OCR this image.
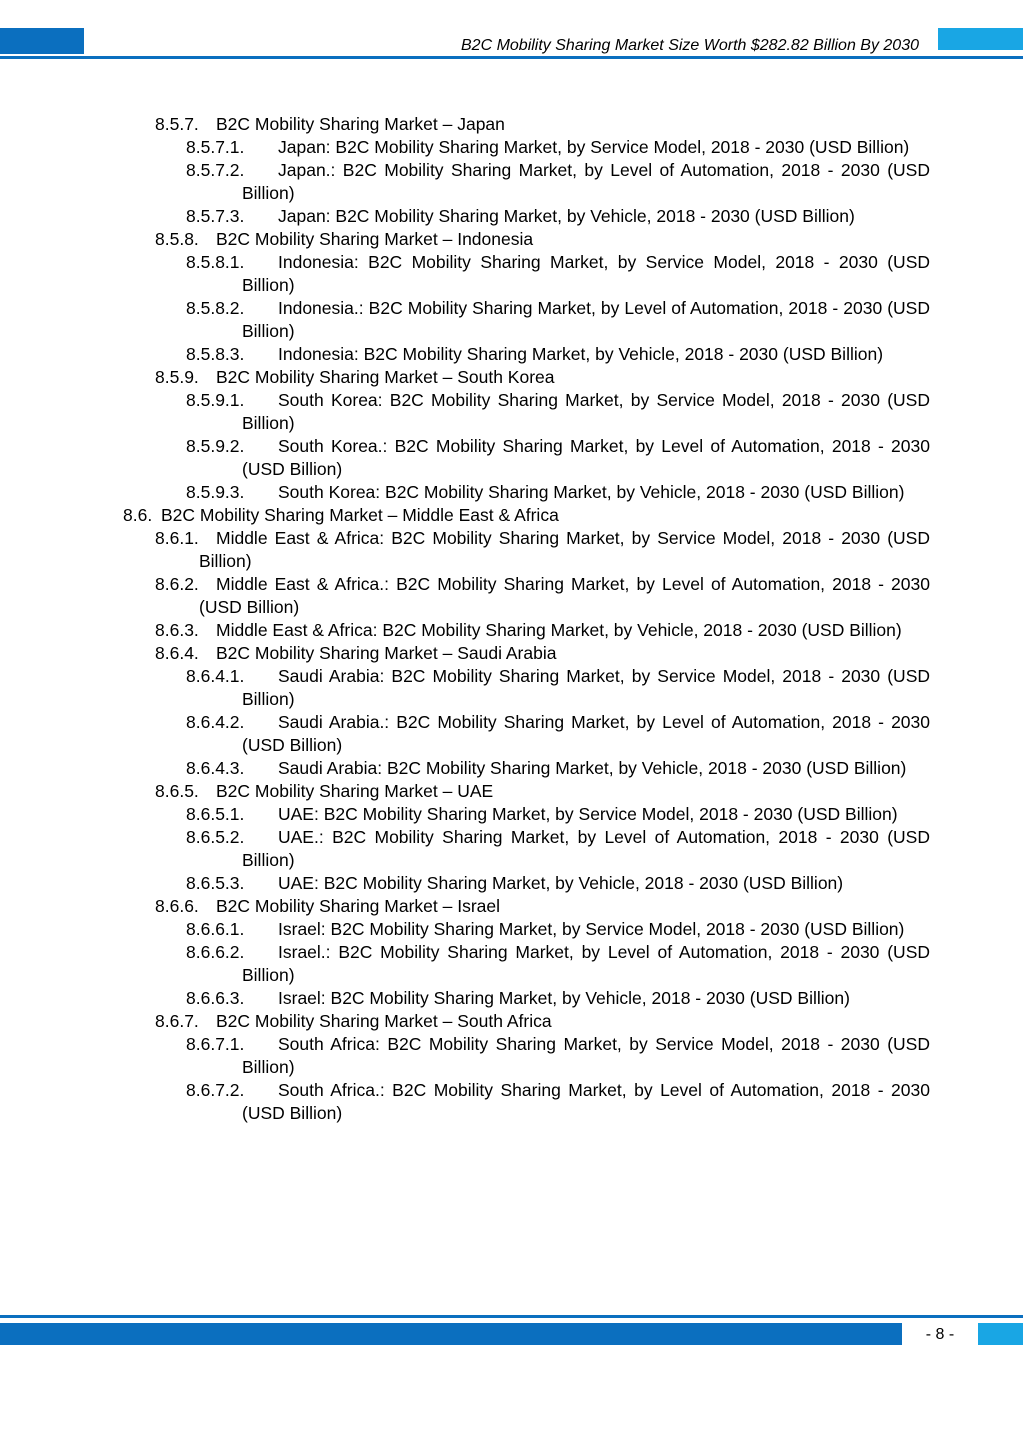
B2C Mobility Sharing Market Size Worth $282.82 Billion By 2030
8.5.7. B2C Mobility Sharing Market – Japan
8.5.7.1.	Japan: B2C Mobility Sharing Market, by Service Model, 2018 - 2030 (USD Billion)
8.5.7.2.	Japan.: B2C Mobility Sharing Market, by Level of Automation, 2018 - 2030 (USD Billion)
8.5.7.3.	Japan: B2C Mobility Sharing Market, by Vehicle, 2018 - 2030 (USD Billion)
8.5.8. B2C Mobility Sharing Market – Indonesia
8.5.8.1.	Indonesia: B2C Mobility Sharing Market, by Service Model, 2018 - 2030 (USD Billion)
8.5.8.2.	Indonesia.: B2C Mobility Sharing Market, by Level of Automation, 2018 - 2030 (USD Billion)
8.5.8.3.	Indonesia: B2C Mobility Sharing Market, by Vehicle, 2018 - 2030 (USD Billion)
8.5.9. B2C Mobility Sharing Market – South Korea
8.5.9.1.	South Korea: B2C Mobility Sharing Market, by Service Model, 2018 - 2030 (USD Billion)
8.5.9.2.	South Korea.: B2C Mobility Sharing Market, by Level of Automation, 2018 - 2030 (USD Billion)
8.5.9.3.	South Korea: B2C Mobility Sharing Market, by Vehicle, 2018 - 2030 (USD Billion)
8.6. B2C Mobility Sharing Market – Middle East & Africa
8.6.1. Middle East & Africa: B2C Mobility Sharing Market, by Service Model, 2018 - 2030 (USD Billion)
8.6.2. Middle East & Africa.: B2C Mobility Sharing Market, by Level of Automation, 2018 - 2030 (USD Billion)
8.6.3. Middle East & Africa: B2C Mobility Sharing Market, by Vehicle, 2018 - 2030 (USD Billion)
8.6.4. B2C Mobility Sharing Market – Saudi Arabia
8.6.4.1.	Saudi Arabia: B2C Mobility Sharing Market, by Service Model, 2018 - 2030 (USD Billion)
8.6.4.2.	Saudi Arabia.: B2C Mobility Sharing Market, by Level of Automation, 2018 - 2030 (USD Billion)
8.6.4.3.	Saudi Arabia: B2C Mobility Sharing Market, by Vehicle, 2018 - 2030 (USD Billion)
8.6.5. B2C Mobility Sharing Market – UAE
8.6.5.1.	UAE: B2C Mobility Sharing Market, by Service Model, 2018 - 2030 (USD Billion)
8.6.5.2.	UAE.: B2C Mobility Sharing Market, by Level of Automation, 2018 - 2030 (USD Billion)
8.6.5.3.	UAE: B2C Mobility Sharing Market, by Vehicle, 2018 - 2030 (USD Billion)
8.6.6. B2C Mobility Sharing Market – Israel
8.6.6.1.	Israel: B2C Mobility Sharing Market, by Service Model, 2018 - 2030 (USD Billion)
8.6.6.2.	Israel.: B2C Mobility Sharing Market, by Level of Automation, 2018 - 2030 (USD Billion)
8.6.6.3.	Israel: B2C Mobility Sharing Market, by Vehicle, 2018 - 2030 (USD Billion)
8.6.7. B2C Mobility Sharing Market – South Africa
8.6.7.1.	South Africa: B2C Mobility Sharing Market, by Service Model, 2018 - 2030 (USD Billion)
8.6.7.2.	South Africa.: B2C Mobility Sharing Market, by Level of Automation, 2018 - 2030 (USD Billion)
- 8 -
